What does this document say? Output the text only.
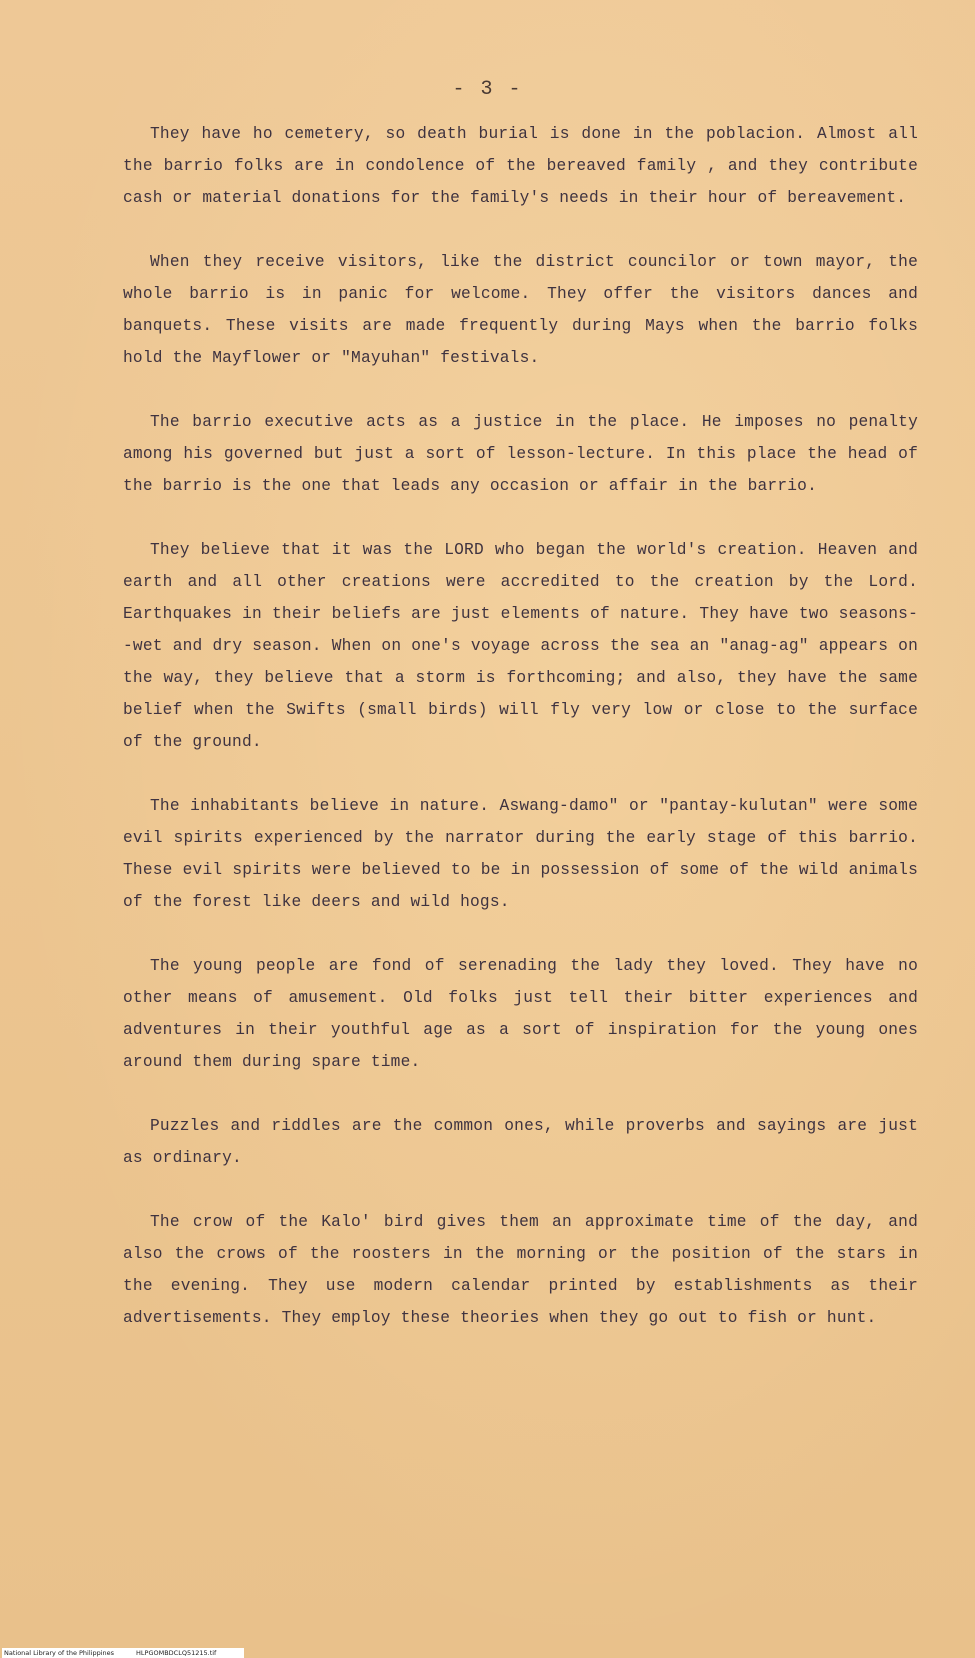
- 3 -

They have ho cemetery, so death burial is done in the poblacion. Almost all the barrio folks are in condolence of the bereaved family , and they contribute cash or material donations for the family's needs in their hour of bereavement.

When they receive visitors, like the district councilor or town mayor, the whole barrio is in panic for welcome. They offer the visitors dances and banquets. These visits are made frequently during Mays when the barrio folks hold the Mayflower or "Mayuhan" festivals.

The barrio executive acts as a justice in the place. He imposes no penalty among his governed but just a sort of lesson-lecture. In this place the head of the barrio is the one that leads any occasion or affair in the barrio.

They believe that it was the LORD who began the world's creation. Heaven and earth and all other creations were accredited to the creation by the Lord. Earthquakes in their beliefs are just elements of nature. They have two seasons--wet and dry season. When on one's voyage across the sea an "anag-ag" appears on the way, they believe that a storm is forthcoming; and also, they have the same belief when the Swifts (small birds) will fly very low or close to the surface of the ground.

The inhabitants believe in nature. Aswang-damo" or "pantay-kulutan" were some evil spirits experienced by the narrator during the early stage of this barrio. These evil spirits were believed to be in possession of some of the wild animals of the forest like deers and wild hogs.

The young people are fond of serenading the lady they loved. They have no other means of amusement. Old folks just tell their bitter experiences and adventures in their youthful age as a sort of inspiration for the young ones around them during spare time.

Puzzles and riddles are the common ones, while proverbs and sayings are just as ordinary.

The crow of the Kalo' bird gives them an approximate time of the day, and also the crows of the roosters in the morning or the position of the stars in the evening. They use modern calendar printed by establishments as their advertisements. They employ these theories when they go out to fish or hunt.

National Library of the Philippines	HLPGOMBDCLQ51215.tif
